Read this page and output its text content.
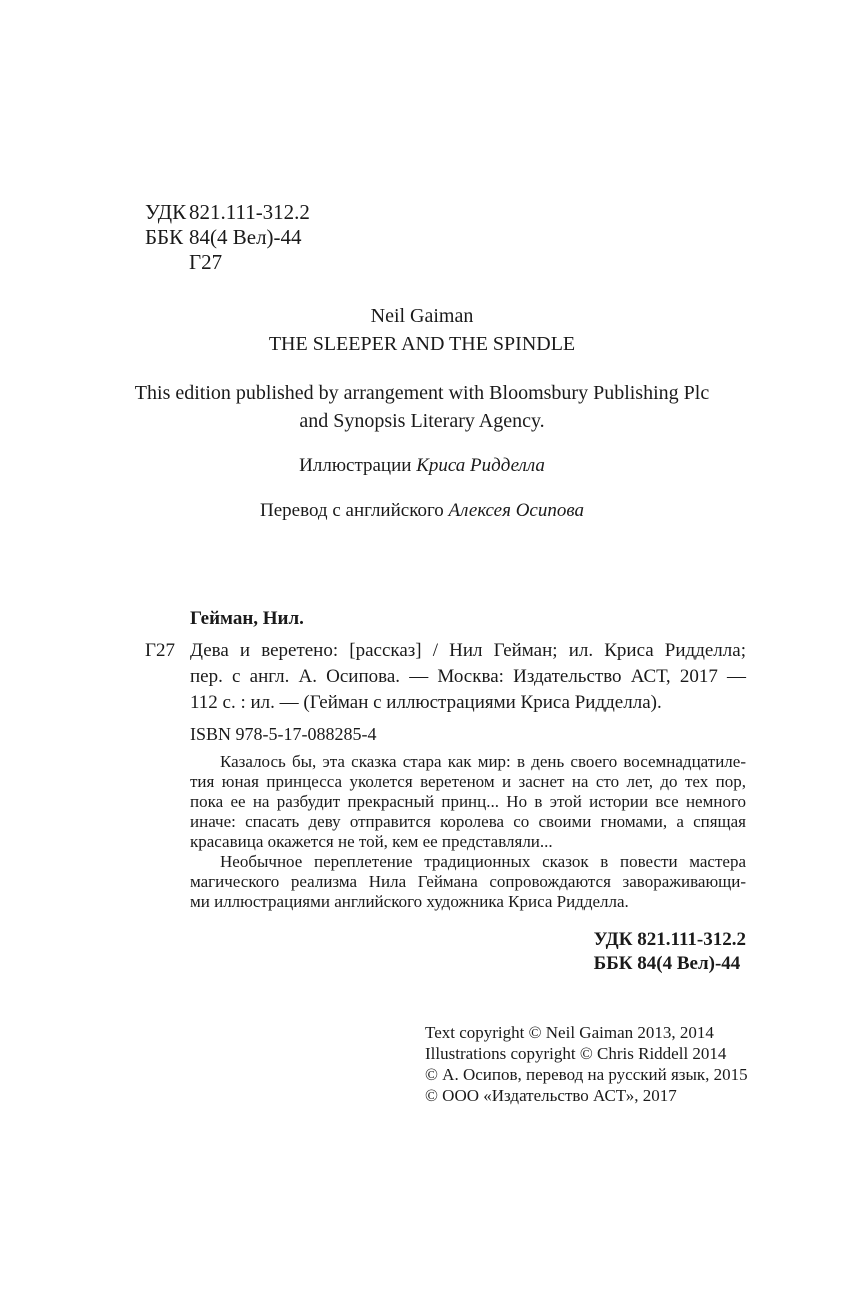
УДК 821.111-312.2
ББК 84(4 Вел)-44
Г27
Neil Gaiman
THE SLEEPER AND THE SPINDLE
This edition published by arrangement with Bloomsbury Publishing Plc
and Synopsis Literary Agency.
Иллюстрации Криса Ридделла
Перевод с английского Алексея Осипова
Гейман, Нил.
Г27 Дева и веретено: [рассказ] / Нил Гейман; ил. Криса Ридделла;
пер. с англ. А. Осипова. — Москва: Издательство АСТ, 2017 —
112 с. : ил. — (Гейман с иллюстрациями Криса Ридделла).
ISBN 978-5-17-088285-4
Казалось бы, эта сказка стара как мир: в день своего восемнадцатиле-
тия юная принцесса уколется веретеном и заснет на сто лет, до тех пор,
пока ее на разбудит прекрасный принц... Но в этой истории все немного
иначе: спасать деву отправится королева со своими гномами, а спящая
красавица окажется не той, кем ее представляли...
Необычное переплетение традиционных сказок в повести мастера
магического реализма Нила Геймана сопровождаются завораживающи-
ми иллюстрациями английского художника Криса Ридделла.
УДК 821.111-312.2
ББК 84(4 Вел)-44
Text copyright © Neil Gaiman 2013, 2014
Illustrations copyright © Chris Riddell 2014
© А. Осипов, перевод на русский язык, 2015
© ООО «Издательство АСТ», 2017
